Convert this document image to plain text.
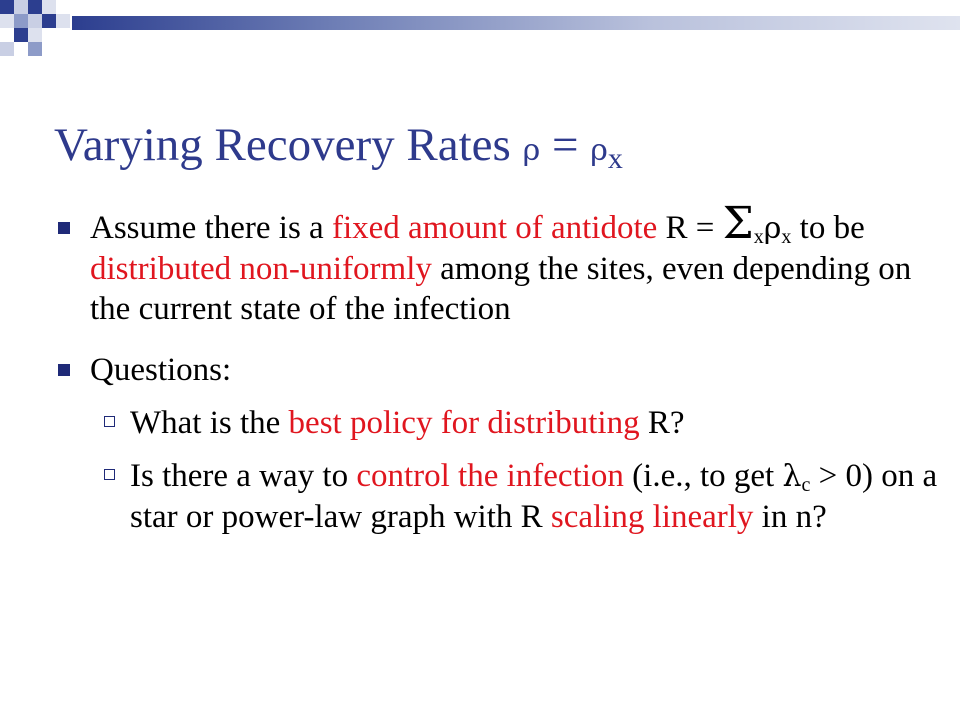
Varying Recovery Rates $\rho = \rho_x$
Assume there is a fixed amount of antidote $R = \Sigma_x\rho_x$ to be distributed non-uniformly among the sites, even depending on the current state of the infection
Questions:
What is the best policy for distributing R?
Is there a way to control the infection (i.e., to get $\lambda_c > 0$) on a star or power-law graph with R scaling linearly in n?
